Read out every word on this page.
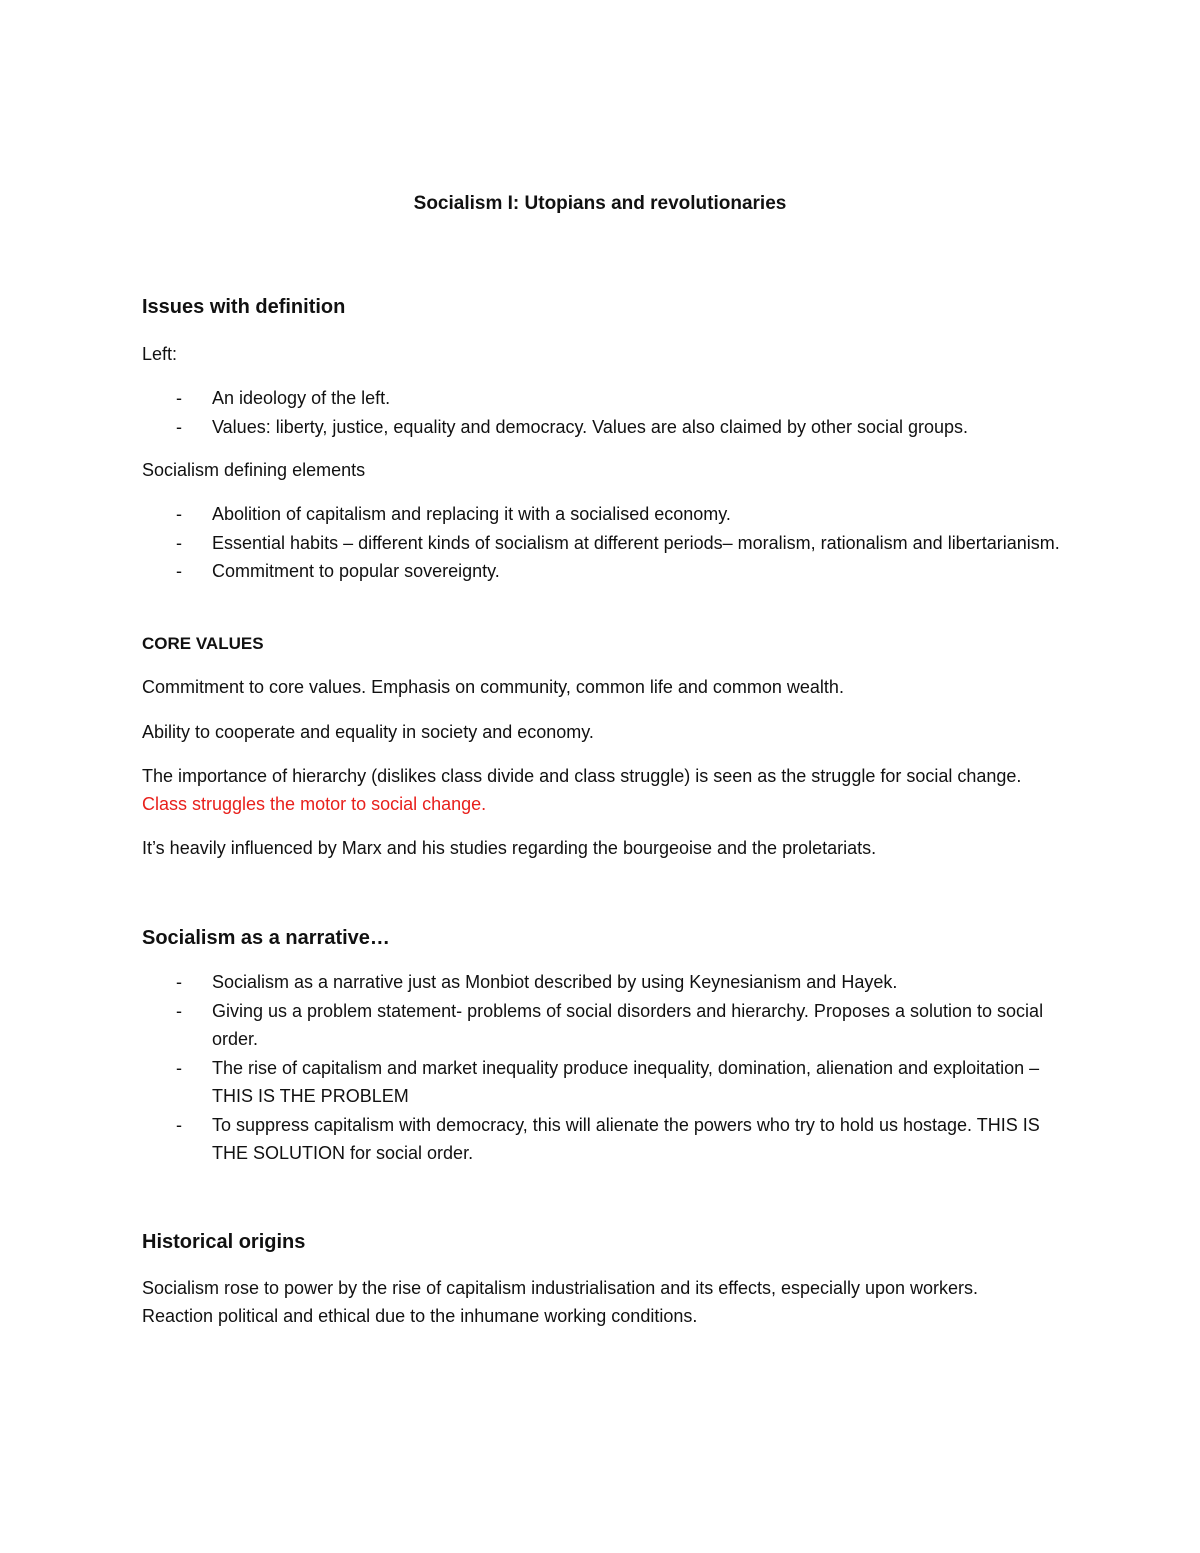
Socialism I: Utopians and revolutionaries

Issues with definition

Left:

- An ideology of the left.
- Values: liberty, justice, equality and democracy. Values are also claimed by other social groups.

Socialism defining elements

- Abolition of capitalism and replacing it with a socialised economy.
- Essential habits – different kinds of socialism at different periods– moralism, rationalism and libertarianism.
- Commitment to popular sovereignty.

CORE VALUES

Commitment to core values. Emphasis on community, common life and common wealth.

Ability to cooperate and equality in society and economy.

The importance of hierarchy (dislikes class divide and class struggle) is seen as the struggle for social change. Class struggles the motor to social change.

It’s heavily influenced by Marx and his studies regarding the bourgeoise and the proletariats.

Socialism as a narrative…

- Socialism as a narrative just as Monbiot described by using Keynesianism and Hayek.
- Giving us a problem statement- problems of social disorders and hierarchy. Proposes a solution to social order.
- The rise of capitalism and market inequality produce inequality, domination, alienation and exploitation –THIS IS THE PROBLEM
- To suppress capitalism with democracy, this will alienate the powers who try to hold us hostage. THIS IS THE SOLUTION for social order.

Historical origins

Socialism rose to power by the rise of capitalism industrialisation and its effects, especially upon workers. Reaction political and ethical due to the inhumane working conditions.
